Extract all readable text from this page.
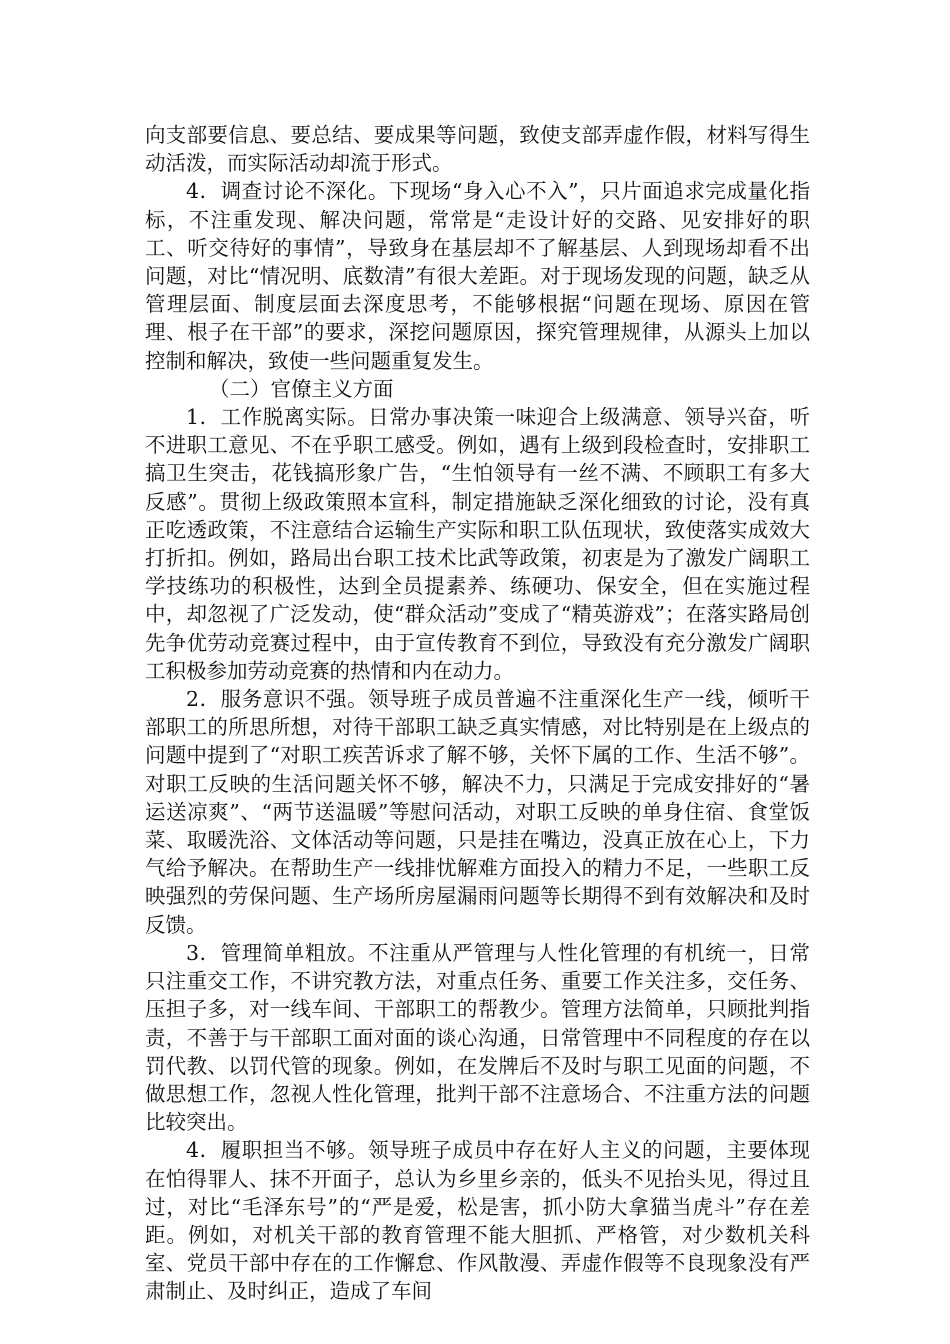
向支部要信息、要总结、要成果等问题，致使支部弄虚作假，材料写得生动活泼，而实际活动却流于形式。

4．调查讨论不深化。下现场“身入心不入”，只片面追求完成量化指标，不注重发现、解决问题，常常是“走设计好的交路、见安排好的职工、听交待好的事情”，导致身在基层却不了解基层、人到现场却看不出问题，对比“情况明、底数清”有很大差距。对于现场发现的问题，缺乏从管理层面、制度层面去深度思考，不能够根据“问题在现场、原因在管理、根子在干部”的要求，深挖问题原因，探究管理规律，从源头上加以控制和解决，致使一些问题重复发生。

（二）官僚主义方面

1．工作脱离实际。日常办事决策一味迎合上级满意、领导兴奋，听不进职工意见、不在乎职工感受。例如，遇有上级到段检查时，安排职工搞卫生突击，花钱搞形象广告，“生怕领导有一丝不满、不顾职工有多大反感”。贯彻上级政策照本宣科，制定措施缺乏深化细致的讨论，没有真正吃透政策，不注意结合运输生产实际和职工队伍现状，致使落实成效大打折扣。例如，路局出台职工技术比武等政策，初衷是为了激发广阔职工学技练功的积极性，达到全员提素养、练硬功、保安全，但在实施过程中，却忽视了广泛发动，使“群众活动”变成了“精英游戏”；在落实路局创先争优劳动竞赛过程中，由于宣传教育不到位，导致没有充分激发广阔职工积极参加劳动竞赛的热情和内在动力。

2．服务意识不强。领导班子成员普遍不注重深化生产一线，倾听干部职工的所思所想，对待干部职工缺乏真实情感，对比特别是在上级点的问题中提到了“对职工疾苦诉求了解不够，关怀下属的工作、生活不够”。对职工反映的生活问题关怀不够，解决不力，只满足于完成安排好的“暑运送凉爽”、“两节送温暖”等慰问活动，对职工反映的单身住宿、食堂饭菜、取暖洗浴、文体活动等问题，只是挂在嘴边，没真正放在心上，下力气给予解决。在帮助生产一线排忧解难方面投入的精力不足，一些职工反映强烈的劳保问题、生产场所房屋漏雨问题等长期得不到有效解决和及时反馈。

3．管理简单粗放。不注重从严管理与人性化管理的有机统一，日常只注重交工作，不讲究教方法，对重点任务、重要工作关注多，交任务、压担子多，对一线车间、干部职工的帮教少。管理方法简单，只顾批判指责，不善于与干部职工面对面的谈心沟通，日常管理中不同程度的存在以罚代教、以罚代管的现象。例如，在发牌后不及时与职工见面的问题，不做思想工作，忽视人性化管理，批判干部不注意场合、不注重方法的问题比较突出。

4．履职担当不够。领导班子成员中存在好人主义的问题，主要体现在怕得罪人、抹不开面子，总认为乡里乡亲的，低头不见抬头见，得过且过，对比“毛泽东号”的“严是爱，松是害，抓小防大拿猫当虎斗”存在差距。例如，对机关干部的教育管理不能大胆抓、严格管，对少数机关科室、党员干部中存在的工作懈怠、作风散漫、弄虚作假等不良现象没有严肃制止、及时纠正，造成了车间
